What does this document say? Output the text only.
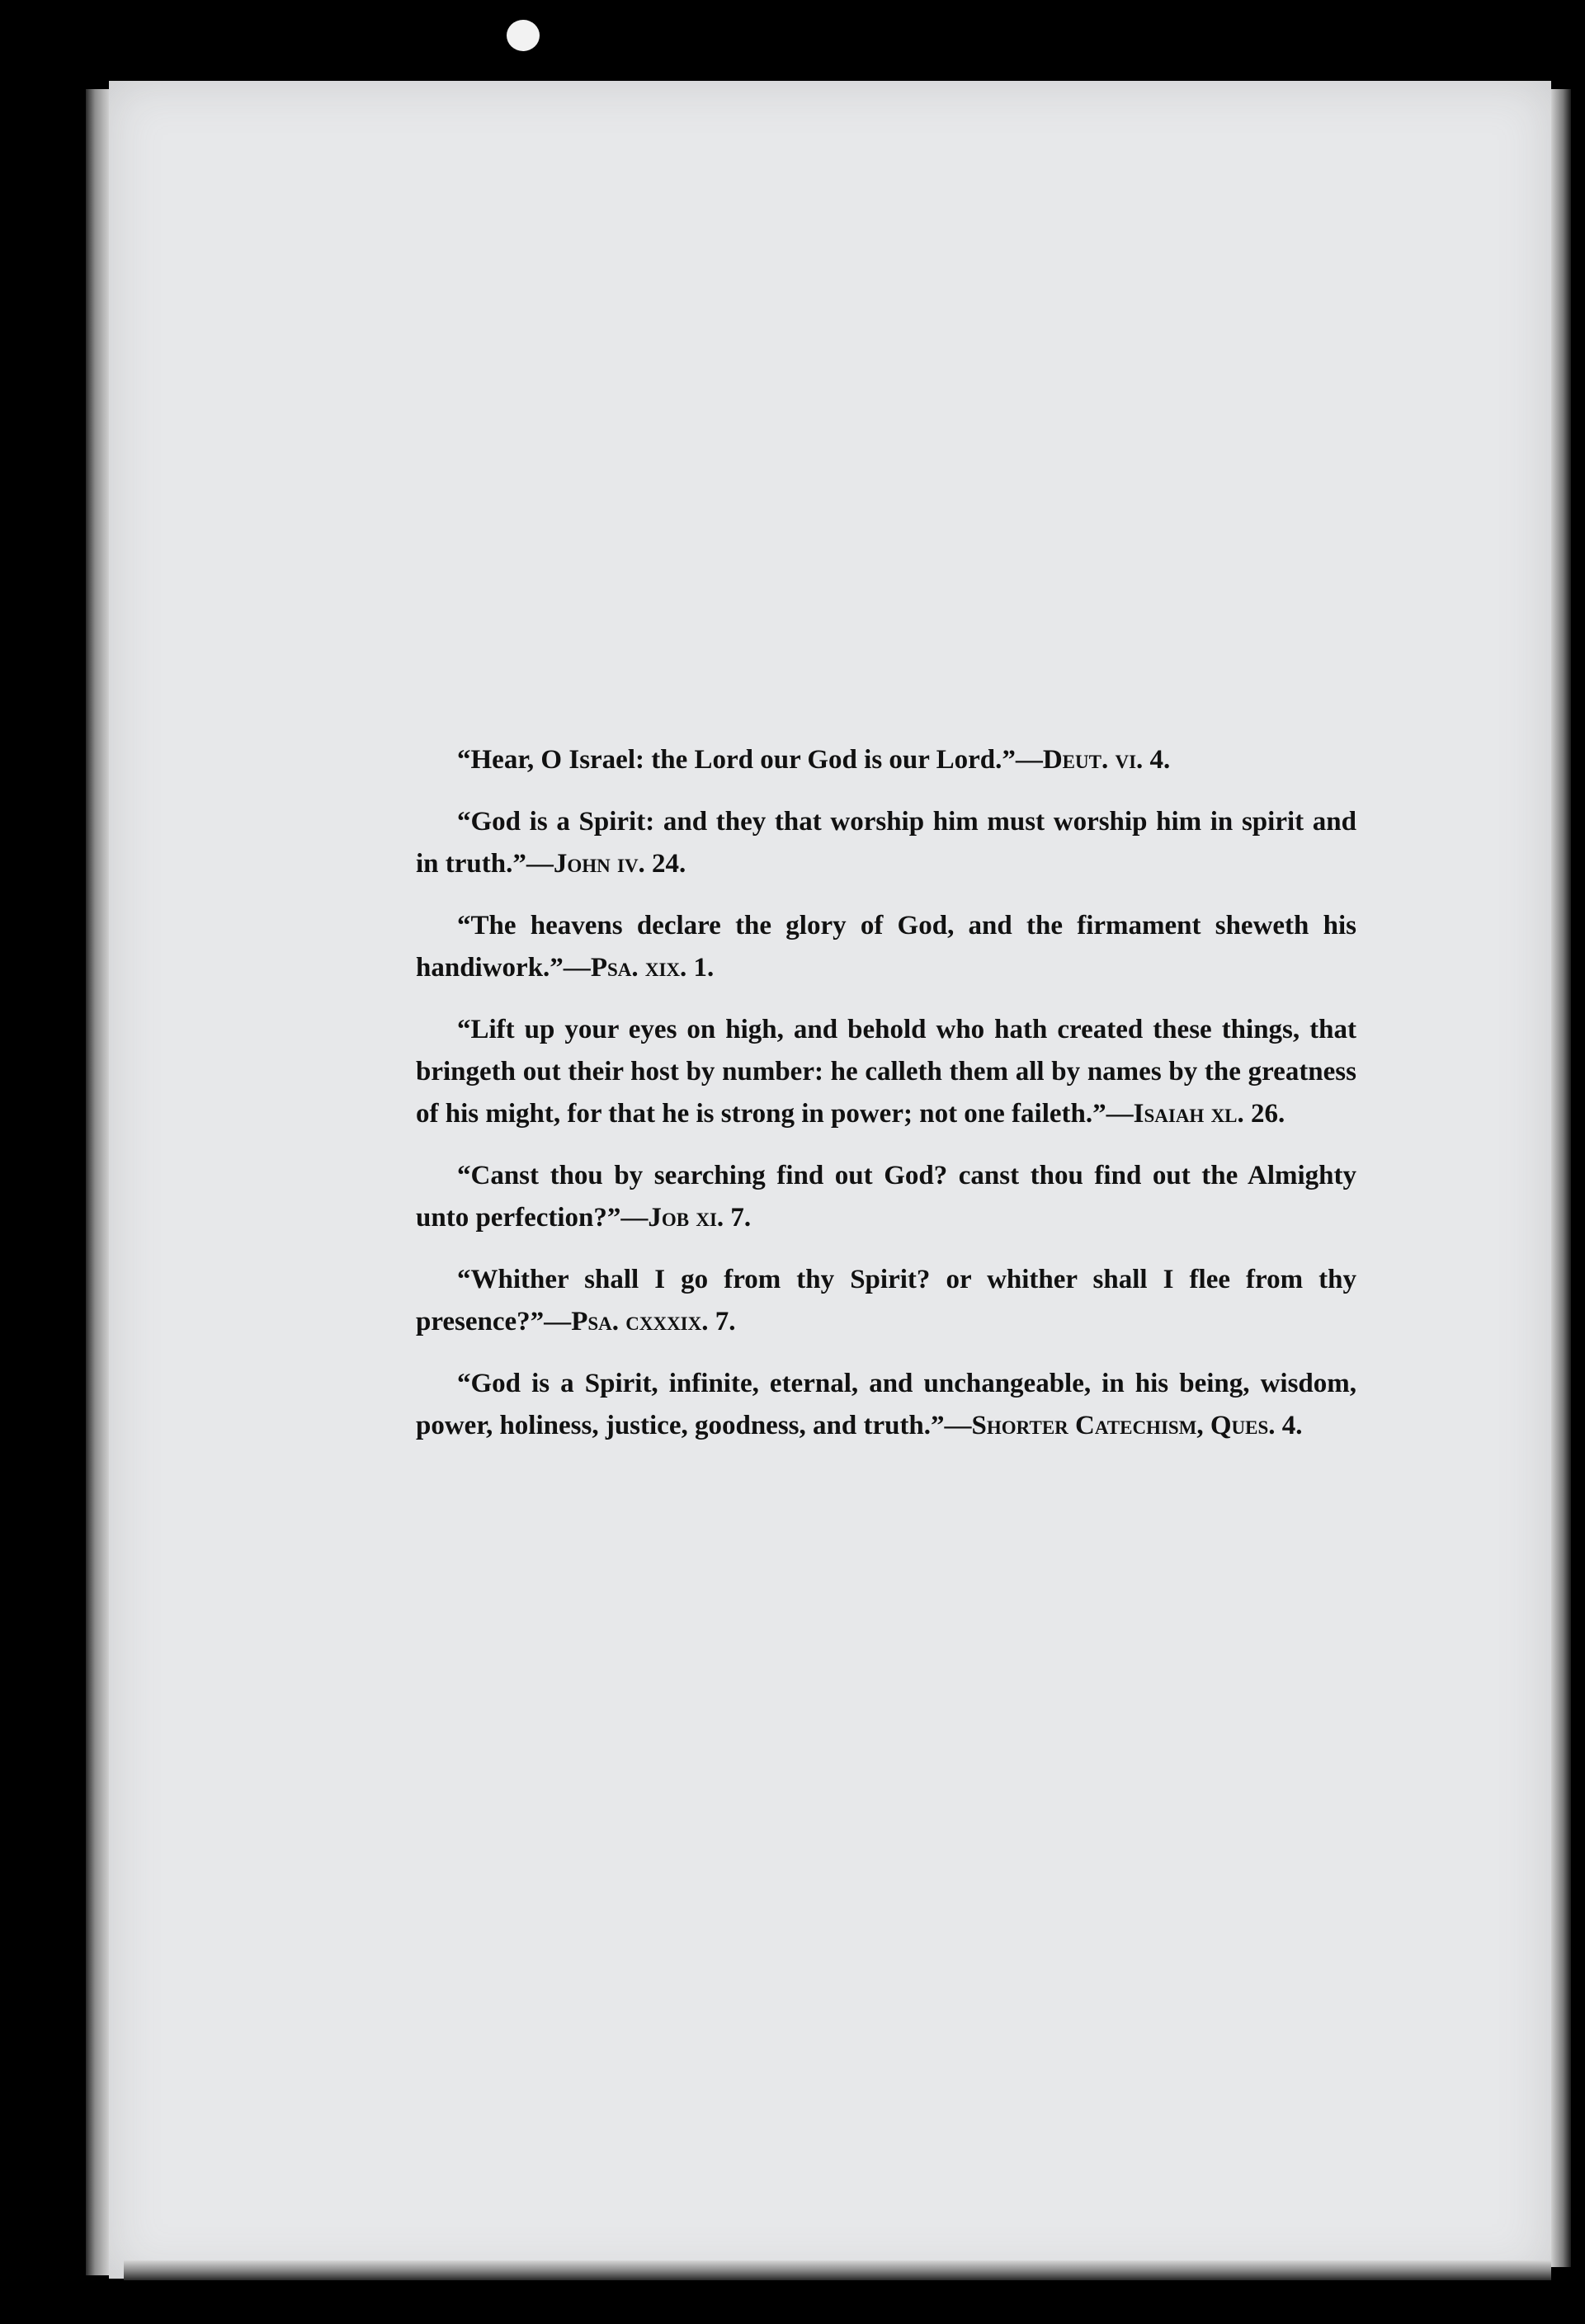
“Hear, O Israel: the Lord our God is our Lord.”—Deut. vi. 4.

“God is a Spirit: and they that worship him must worship him in spirit and in truth.”—John iv. 24.

“The heavens declare the glory of God, and the firmament sheweth his handiwork.”—Psa. xix. 1.

“Lift up your eyes on high, and behold who hath created these things, that bringeth out their host by number: he calleth them all by names by the greatness of his might, for that he is strong in power; not one faileth.”—Isaiah xl. 26.

“Canst thou by searching find out God? canst thou find out the Almighty unto perfection?”—Job xi. 7.

“Whither shall I go from thy Spirit? or whither shall I flee from thy presence?”—Psa. cxxxix. 7.

“God is a Spirit, infinite, eternal, and unchangeable, in his being, wisdom, power, holiness, justice, goodness, and truth.”—Shorter Catechism, Ques. 4.
